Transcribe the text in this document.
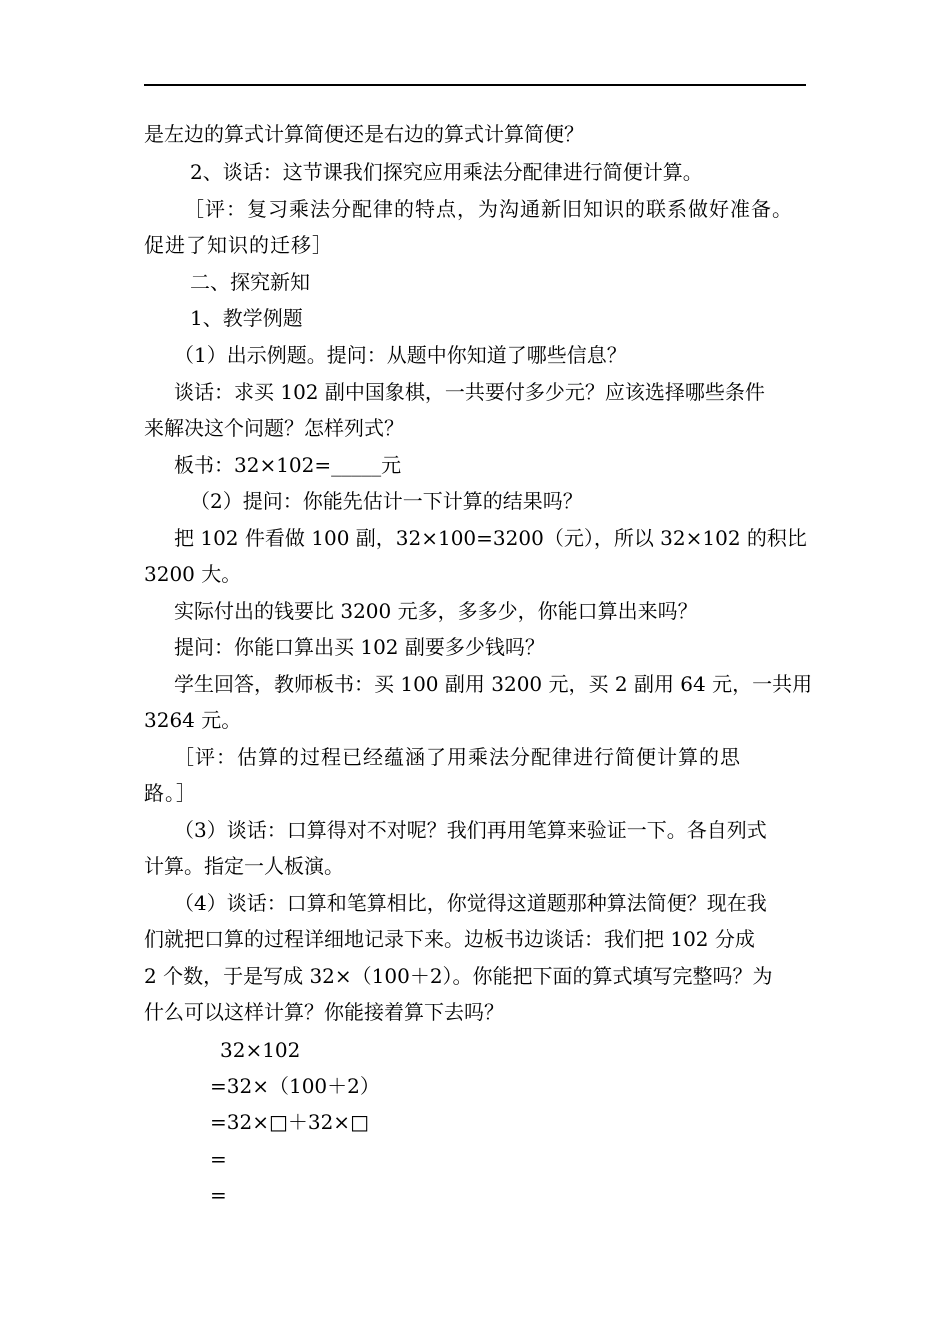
是左边的算式计算简便还是右边的算式计算简便？
2、谈话：这节课我们探究应用乘法分配律进行简便计算。
［评：复习乘法分配律的特点，为沟通新旧知识的联系做好准备。
促进了知识的迁移］
二、探究新知
1、教学例题
（1）出示例题。提问：从题中你知道了哪些信息？
谈话：求买 102 副中国象棋，一共要付多少元？应该选择哪些条件
来解决这个问题？怎样列式？
板书：32×102=_____元
（2）提问：你能先估计一下计算的结果吗？
把 102 件看做 100 副，32×100=3200（元），所以 32×102 的积比
3200 大。
实际付出的钱要比 3200 元多，多多少，你能口算出来吗？
提问：你能口算出买 102 副要多少钱吗？
学生回答，教师板书：买 100 副用 3200 元，买 2 副用 64 元，一共用
3264 元。
［评：估算的过程已经蕴涵了用乘法分配律进行简便计算的思
路。］
（3）谈话：口算得对不对呢？我们再用笔算来验证一下。各自列式
计算。指定一人板演。
（4）谈话：口算和笔算相比，你觉得这道题那种算法简便？现在我
们就把口算的过程详细地记录下来。边板书边谈话：我们把 102 分成
2 个数，于是写成 32×（100＋2）。你能把下面的算式填写完整吗？为
什么可以这样计算？你能接着算下去吗？
32×102
=32×（100＋2）
=32×□＋32×□
=
=
